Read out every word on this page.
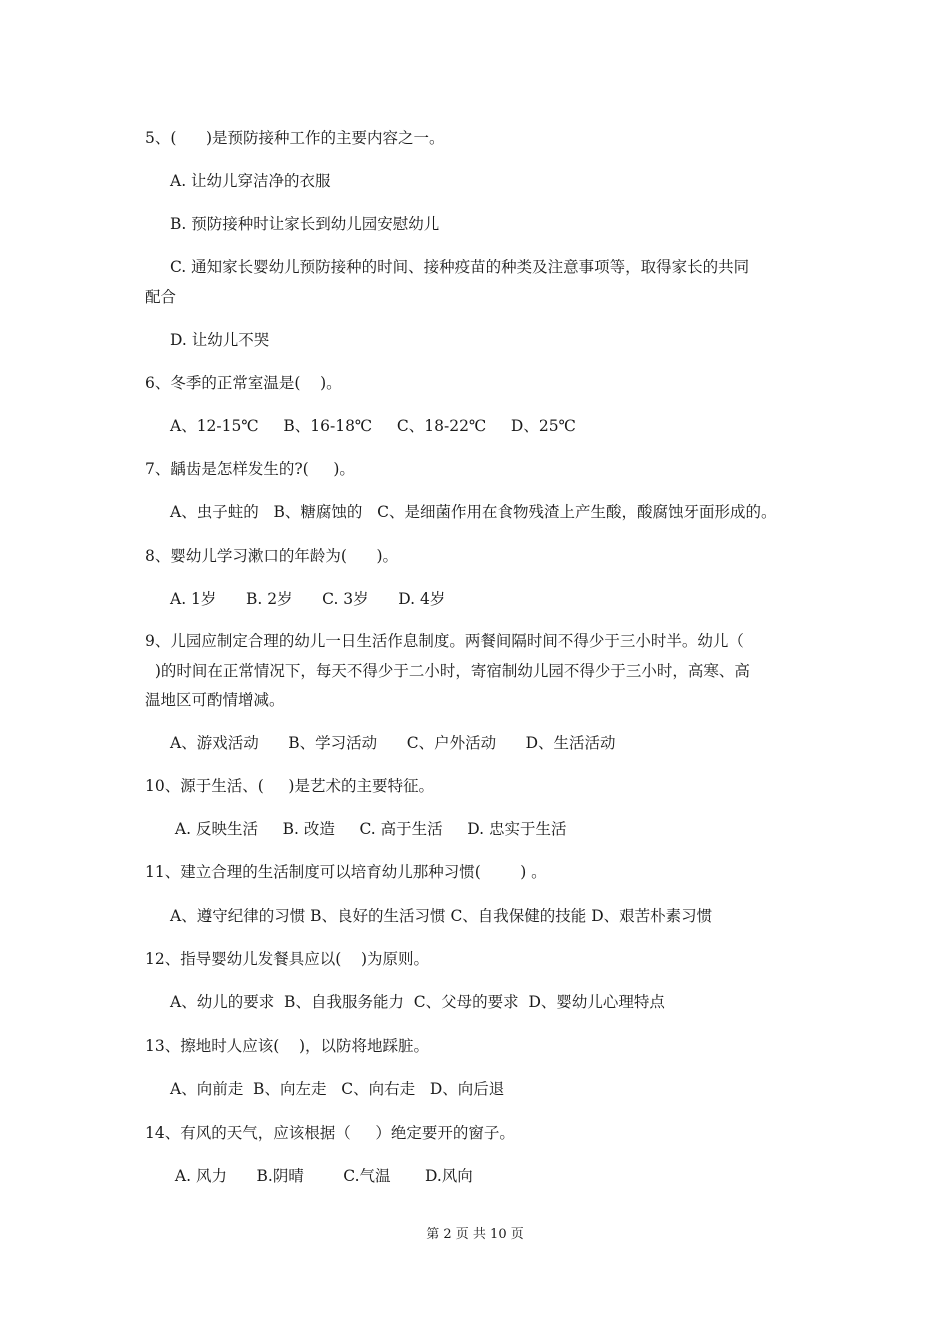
5、(      )是预防接种工作的主要内容之一。
A. 让幼儿穿洁净的衣服
B. 预防接种时让家长到幼儿园安慰幼儿
C. 通知家长婴幼儿预防接种的时间、接种疫苗的种类及注意事项等，取得家长的共同
配合
D. 让幼儿不哭
6、冬季的正常室温是(    )。
A、12-15℃     B、16-18℃     C、18-22℃     D、25℃
7、龋齿是怎样发生的?(     )。
A、虫子蛀的   B、糖腐蚀的   C、是细菌作用在食物残渣上产生酸，酸腐蚀牙面形成的。
8、婴幼儿学习漱口的年龄为(      )。
A. 1岁      B. 2岁      C. 3岁      D. 4岁
9、儿园应制定合理的幼儿一日生活作息制度。两餐间隔时间不得少于三小时半。幼儿（
)的时间在正常情况下，每天不得少于二小时，寄宿制幼儿园不得少于三小时，高寒、高
温地区可酌情增减。
A、游戏活动      B、学习活动      C、户外活动      D、生活活动
10、源于生活、(     )是艺术的主要特征。
A. 反映生活     B. 改造     C. 高于生活     D. 忠实于生活
11、建立合理的生活制度可以培育幼儿那种习惯(        ) 。
A、遵守纪律的习惯 B、良好的生活习惯 C、自我保健的技能 D、艰苦朴素习惯
12、指导婴幼儿发餐具应以(    )为原则。
A、幼儿的要求  B、自我服务能力  C、父母的要求  D、婴幼儿心理特点
13、擦地时人应该(    )，以防将地踩脏。
A、向前走  B、向左走   C、向右走   D、向后退
14、有风的天气，应该根据（     ）绝定要开的窗子。
A. 风力      B.阴晴        C.气温       D.风向
第 2 页 共 10 页
